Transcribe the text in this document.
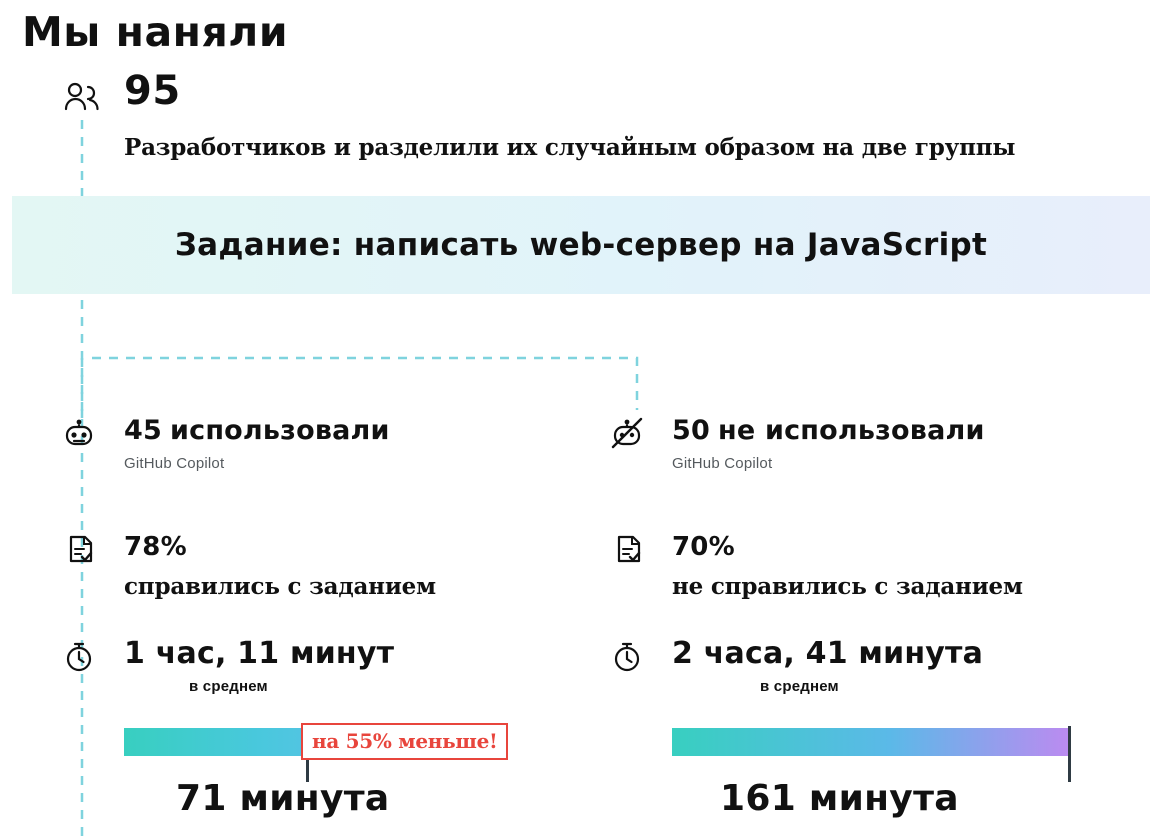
Мы наняли
95
Разработчиков и разделили их случайным образом на две группы
Задание: написать web-сервер на JavaScript
45 использовали
GitHub Copilot
78%
справились с заданием
1 час, 11 минут
в среднем
на 55% меньше!
71 минута
50 не использовали
GitHub Copilot
70%
не справились с заданием
2 часа, 41 минута
в среднем
161 минута
